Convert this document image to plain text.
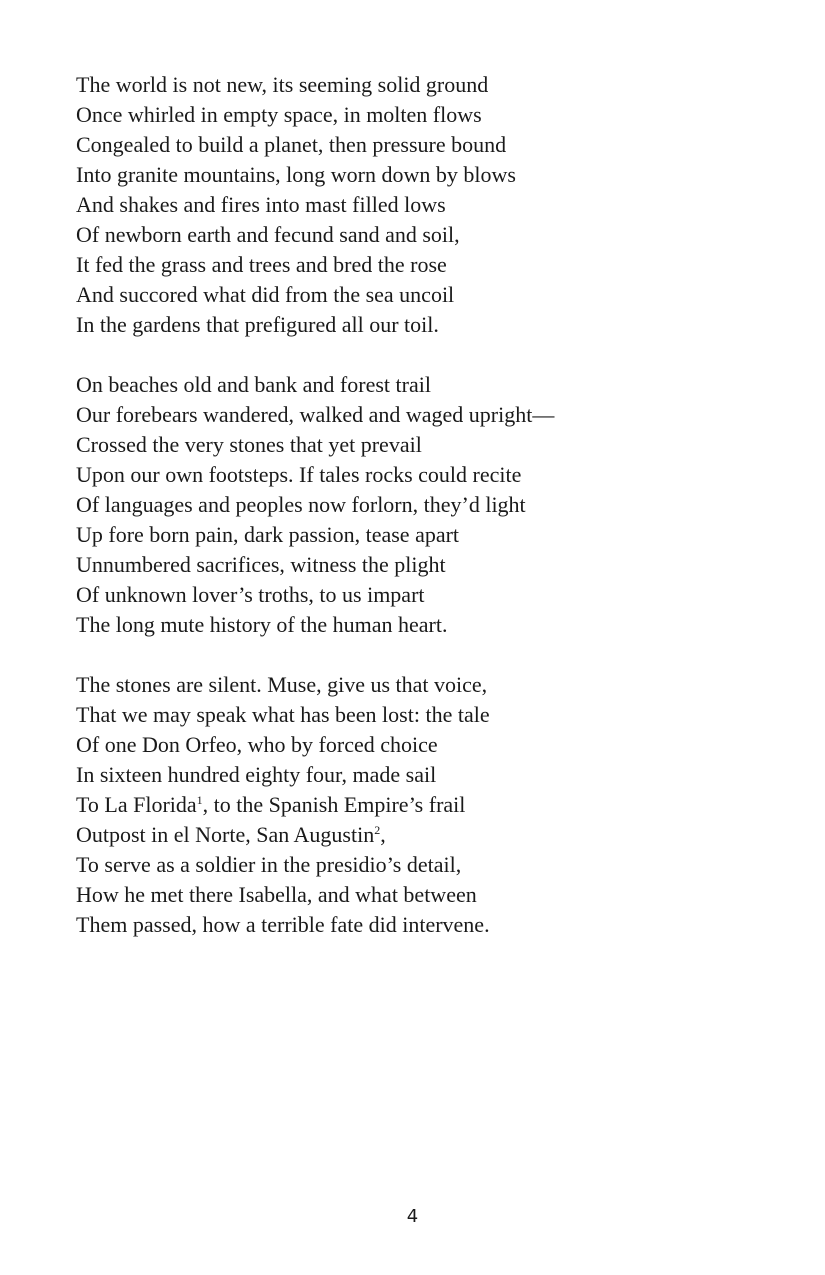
The world is not new, its seeming solid ground
Once whirled in empty space, in molten flows
Congealed to build a planet, then pressure bound
Into granite mountains, long worn down by blows
And shakes and fires into mast filled lows
Of newborn earth and fecund sand and soil,
It fed the grass and trees and bred the rose
And succored what did from the sea uncoil
In the gardens that prefigured all our toil.
On beaches old and bank and forest trail
Our forebears wandered, walked and waged upright—
Crossed the very stones that yet prevail
Upon our own footsteps. If tales rocks could recite
Of languages and peoples now forlorn, they’d light
Up fore born pain, dark passion, tease apart
Unnumbered sacrifices, witness the plight
Of unknown lover’s troths, to us impart
The long mute history of the human heart.
The stones are silent. Muse, give us that voice,
That we may speak what has been lost: the tale
Of one Don Orfeo, who by forced choice
In sixteen hundred eighty four, made sail
To La Florida$^1$, to the Spanish Empire’s frail
Outpost in el Norte, San Augustin$^2$,
To serve as a soldier in the presidio’s detail,
How he met there Isabella, and what between
Them passed, how a terrible fate did intervene.
4
